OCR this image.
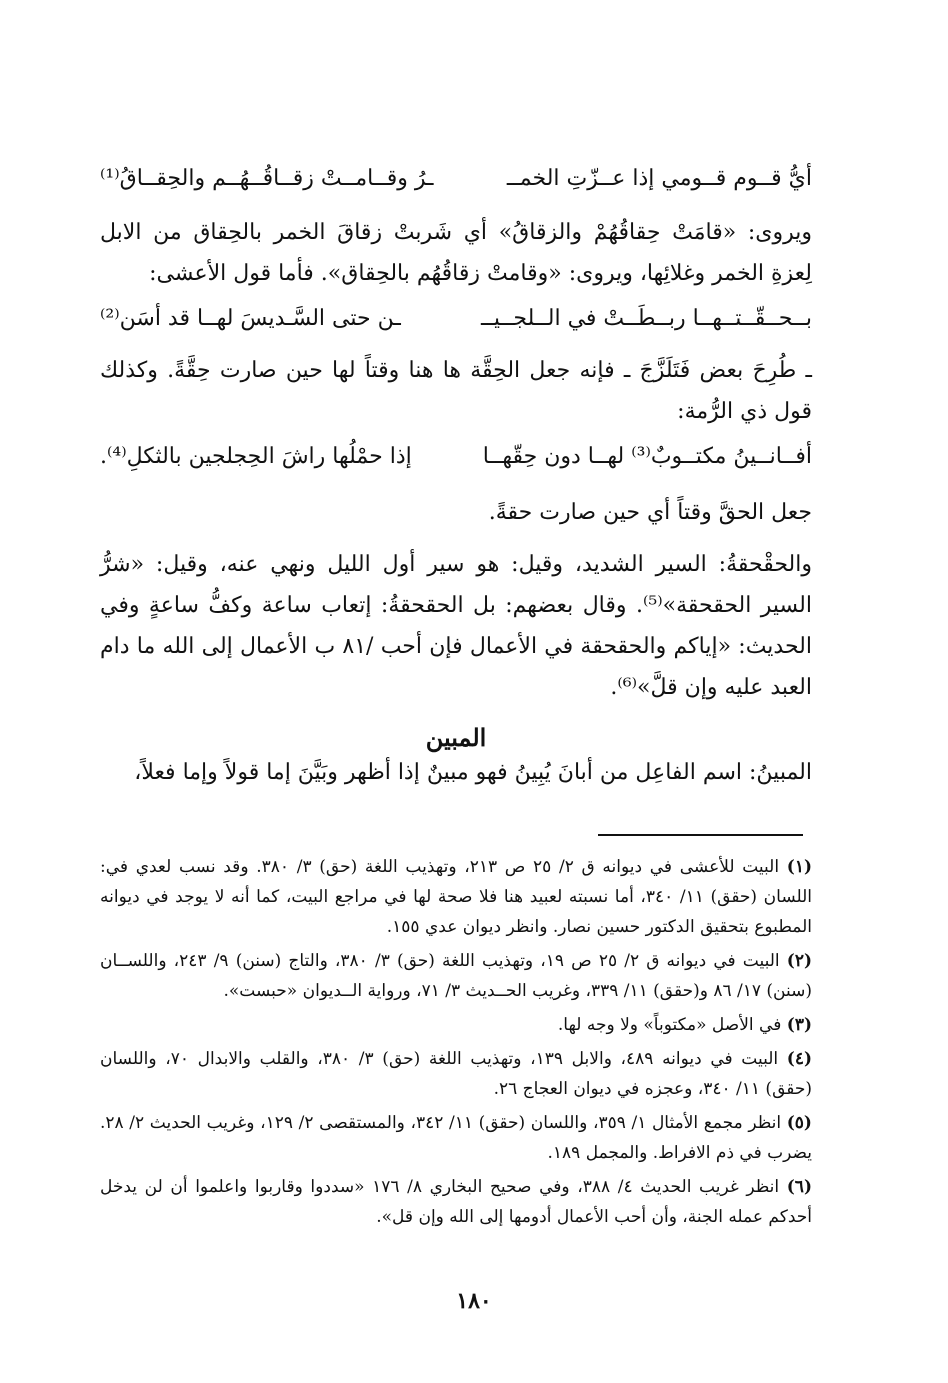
أيُّ قــوم قــومي إذا عــزّتِ الخمــ
ـرُ وقــامــتْ زقــاقُــهُــم والحِقــاقُ⁽¹⁾

ويروى: «قامَتْ حِقاقُهُمْ والزقاقُ» أي شَربتْ زقاقَ الخمر بالحِقاق من الابل لِعزةِ الخمر وغلائِها، ويروى: «وقامتْ زقاقُهُم بالحِقاق». فأما قول الأعشى:

بــحــقّــتــهــا ربــطَــتْ في الــلجــيــ
ـن حتى السَّـديسَ لهــا قد أسَن⁽²⁾

ـ طُرِحَ بعض فَتَلَزَّجَ ـ فإنه جعل الحِقَّة ها هنا وقتاً لها حين صارت حِقَّةً. وكذلك قول ذي الرُّمة:

أفــانــينُ مكتــوبٌ⁽³⁾ لهــا دون حِقّهــا
إذا حمْلُها راشَ الحِجلجين بالثكلِ⁽⁴⁾.

جعل الحقَّ وقتاً أي حين صارت حقةً.

والحقْحقةُ: السير الشديد، وقيل: هو سير أول الليل ونهي عنه، وقيل: «شرُّ السير الحقحقة»⁽⁵⁾. وقال بعضهم: بل الحقحقةُ: إتعاب ساعة وكفُّ ساعةٍ وفي الحديث: «إياكم والحقحقة في الأعمال فإن أحب /٨١ ب الأعمال إلى الله ما دام العبد عليه وإن قلَّ»⁽⁶⁾.

المبين

المبينُ: اسم الفاعِل من أبانَ يُبِينُ فهو مبينٌ إذا أظهر وبَيَّنَ إما قولاً وإما فعلاً،

(١) البيت للأعشى في ديوانه ق ٢/ ٢٥ ص ٢١٣، وتهذيب اللغة (حق) ٣/ ٣٨٠. وقد نسب لعدي في: اللسان (حقق) ١١/ ٣٤٠، أما نسبته لعبيد هنا فلا صحة لها في مراجع البيت، كما أنه لا يوجد في ديوانه المطبوع بتحقيق الدكتور حسين نصار. وانظر ديوان عدي ١٥٥.

(٢) البيت في ديوانه ق ٢/ ٢٥ ص ١٩، وتهذيب اللغة (حق) ٣/ ٣٨٠، والتاج (سنن) ٩/ ٢٤٣، واللســان (سنن) ١٧/ ٨٦ و(حقق) ١١/ ٣٣٩، وغريب الحــديث ٣/ ٧١، ورواية الــديوان «حبست».

(٣) في الأصل «مكتوباً» ولا وجه لها.

(٤) البيت في ديوانه ٤٨٩، والابل ١٣٩، وتهذيب اللغة (حق) ٣/ ٣٨٠، والقلب والابدال ٧٠، واللسان (حقق) ١١/ ٣٤٠، وعجزه في ديوان العجاج ٢٦.

(٥) انظر مجمع الأمثال ١/ ٣٥٩، واللسان (حقق) ١١/ ٣٤٢، والمستقصى ٢/ ١٢٩، وغريب الحديث ٢/ ٢٨. يضرب في ذم الافراط. والمجمل ١٨٩.

(٦) انظر غريب الحديث ٤/ ٣٨٨، وفي صحيح البخاري ٨/ ١٧٦ «سددوا وقاربوا واعلموا أن لن يدخل أحدكم عمله الجنة، وأن أحب الأعمال أدومها إلى الله وإن قل».

١٨٠
